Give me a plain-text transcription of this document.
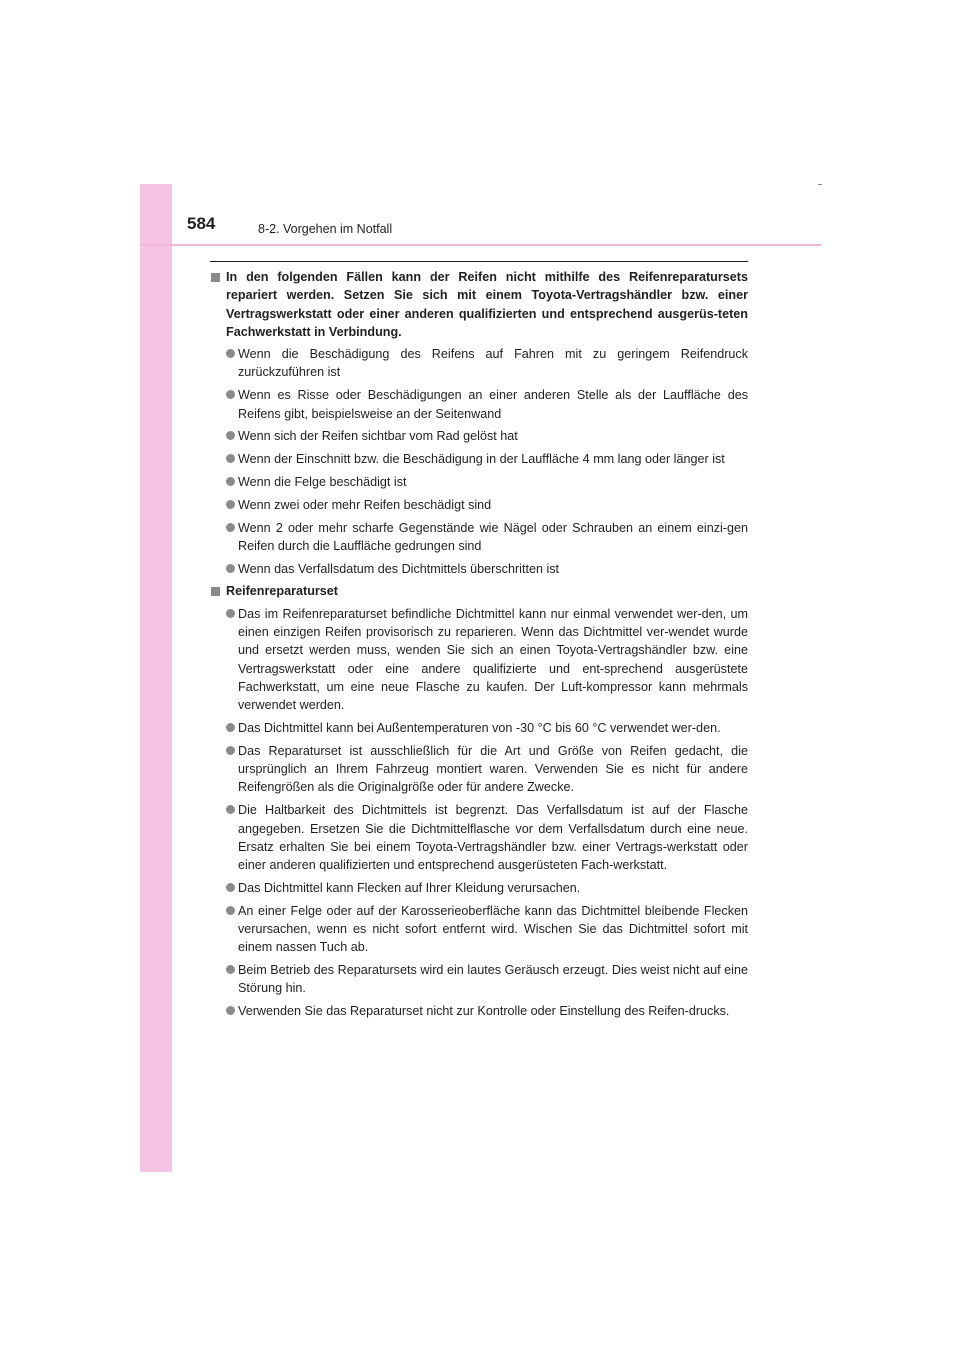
584	8-2. Vorgehen im Notfall
In den folgenden Fällen kann der Reifen nicht mithilfe des Reifenreparatursets repariert werden. Setzen Sie sich mit einem Toyota-Vertragshändler bzw. einer Vertragswerkstatt oder einer anderen qualifizierten und entsprechend ausgerüs-teten Fachwerkstatt in Verbindung.
Wenn die Beschädigung des Reifens auf Fahren mit zu geringem Reifendruck zurückzuführen ist
Wenn es Risse oder Beschädigungen an einer anderen Stelle als der Lauffläche des Reifens gibt, beispielsweise an der Seitenwand
Wenn sich der Reifen sichtbar vom Rad gelöst hat
Wenn der Einschnitt bzw. die Beschädigung in der Lauffläche 4 mm lang oder länger ist
Wenn die Felge beschädigt ist
Wenn zwei oder mehr Reifen beschädigt sind
Wenn 2 oder mehr scharfe Gegenstände wie Nägel oder Schrauben an einem einzi-gen Reifen durch die Lauffläche gedrungen sind
Wenn das Verfallsdatum des Dichtmittels überschritten ist
Reifenreparaturset
Das im Reifenreparaturset befindliche Dichtmittel kann nur einmal verwendet wer-den, um einen einzigen Reifen provisorisch zu reparieren. Wenn das Dichtmittel ver-wendet wurde und ersetzt werden muss, wenden Sie sich an einen Toyota-Vertragshändler bzw. eine Vertragswerkstatt oder eine andere qualifizierte und ent-sprechend ausgerüstete Fachwerkstatt, um eine neue Flasche zu kaufen. Der Luft-kompressor kann mehrmals verwendet werden.
Das Dichtmittel kann bei Außentemperaturen von -30 °C bis 60 °C verwendet wer-den.
Das Reparaturset ist ausschließlich für die Art und Größe von Reifen gedacht, die ursprünglich an Ihrem Fahrzeug montiert waren. Verwenden Sie es nicht für andere Reifengrößen als die Originalgröße oder für andere Zwecke.
Die Haltbarkeit des Dichtmittels ist begrenzt. Das Verfallsdatum ist auf der Flasche angegeben. Ersetzen Sie die Dichtmittelflasche vor dem Verfallsdatum durch eine neue. Ersatz erhalten Sie bei einem Toyota-Vertragshändler bzw. einer Vertrags-werkstatt oder einer anderen qualifizierten und entsprechend ausgerüsteten Fach-werkstatt.
Das Dichtmittel kann Flecken auf Ihrer Kleidung verursachen.
An einer Felge oder auf der Karosserieoberfläche kann das Dichtmittel bleibende Flecken verursachen, wenn es nicht sofort entfernt wird. Wischen Sie das Dichtmittel sofort mit einem nassen Tuch ab.
Beim Betrieb des Reparatursets wird ein lautes Geräusch erzeugt. Dies weist nicht auf eine Störung hin.
Verwenden Sie das Reparaturset nicht zur Kontrolle oder Einstellung des Reifen-drucks.
